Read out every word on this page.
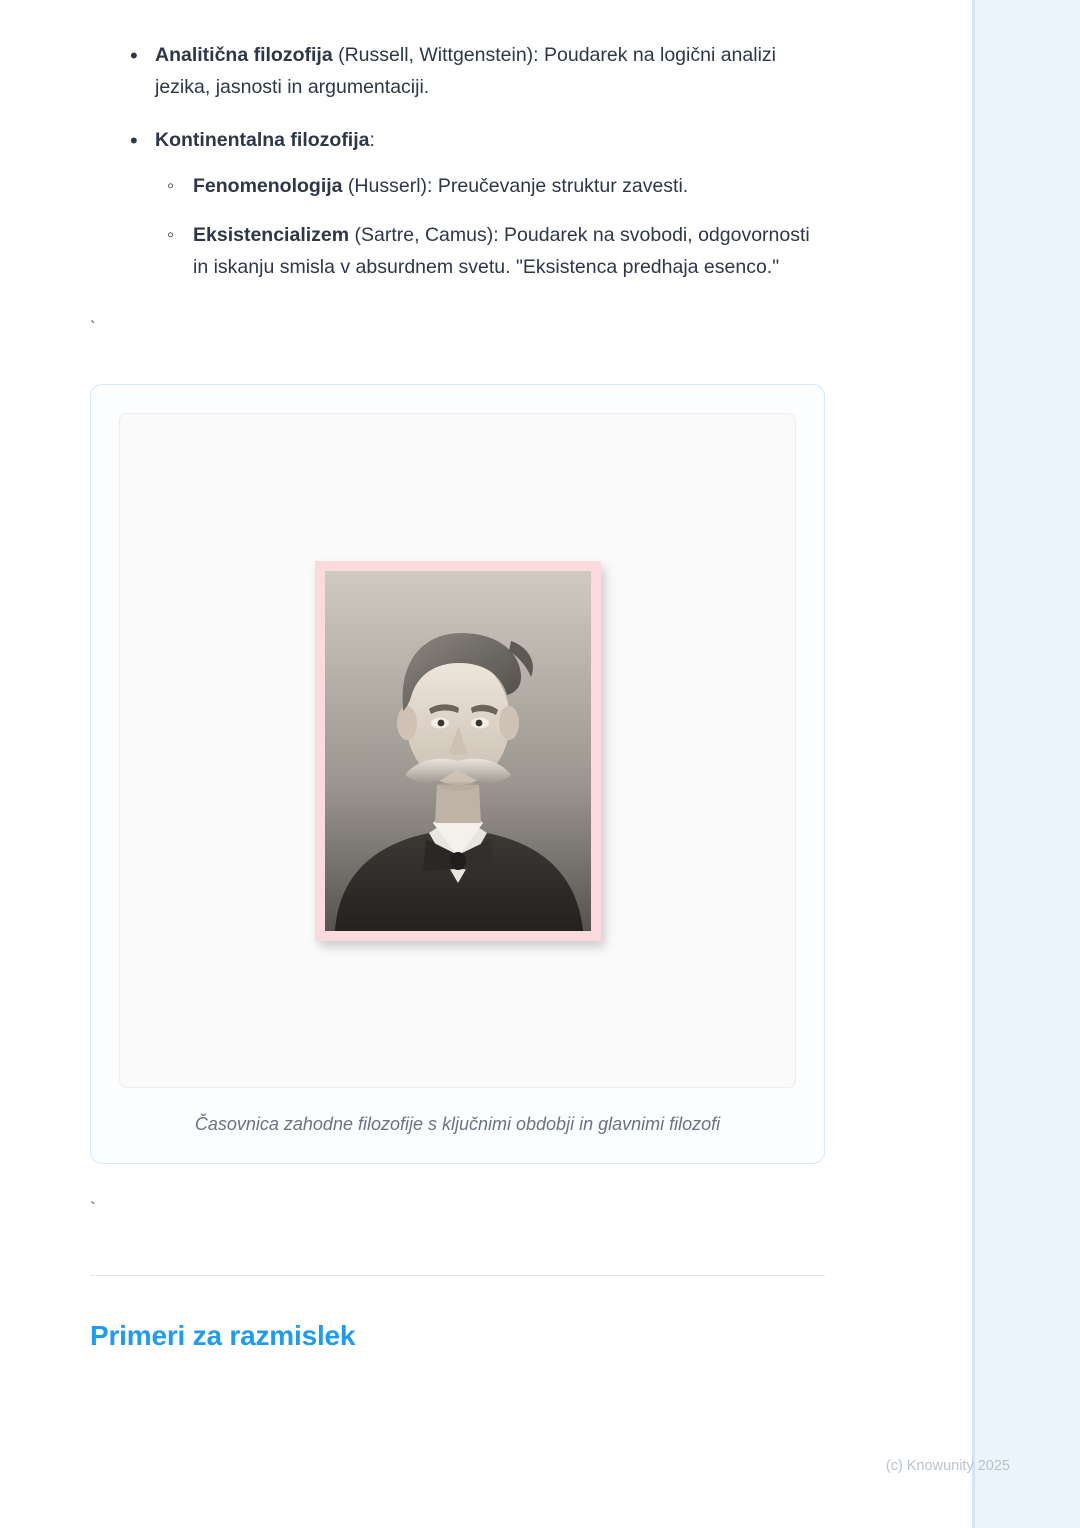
• Analitična filozofija (Russell, Wittgenstein): Poudarek na logični analizi jezika, jasnosti in argumentaciji.
• Kontinentalna filozofija:
◦ Fenomenologija (Husserl): Preučevanje struktur zavesti.
◦ Eksistencializem (Sartre, Camus): Poudarek na svobodi, odgovornosti in iskanju smisla v absurdnem svetu. "Eksistenca predhaja esenco."
`
Časovnica zahodne filozofije s ključnimi obdobji in glavnimi filozofi
`
Primeri za razmislek
(c) Knowunity 2025
